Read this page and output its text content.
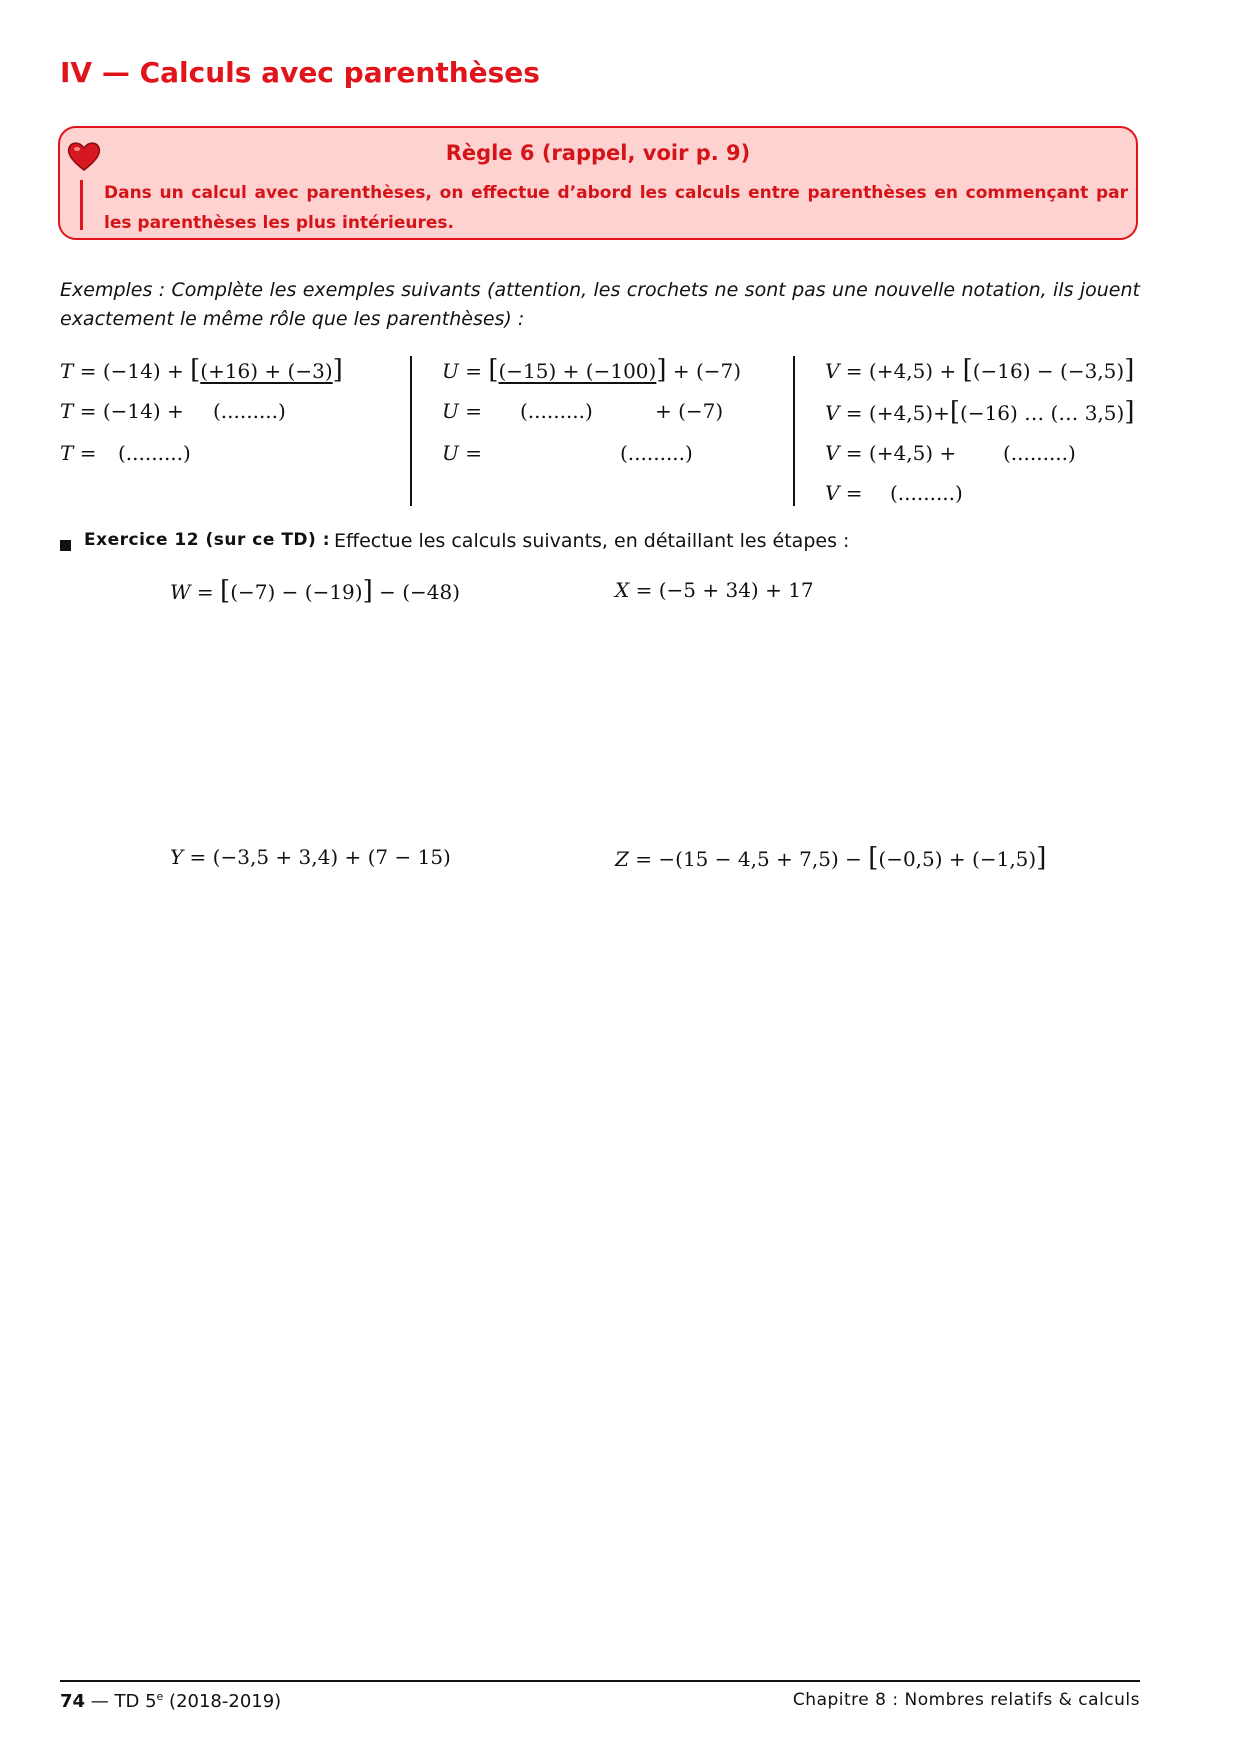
IV — Calculs avec parenthèses
Règle 6 (rappel, voir p. 9)
Dans un calcul avec parenthèses, on effectue d’abord les calculs entre parenthèses en commençant par les parenthèses les plus intérieures.
Exemples : Complète les exemples suivants (attention, les crochets ne sont pas une nouvelle notation, ils jouent exactement le même rôle que les parenthèses) :
T = (−14) + [(+16) + (−3)]
T = (−14) + (.........)
T = (.........)
U = [(−15) + (−100)] + (−7)
U = (.........)	+ (−7)
U =	(.........)
V = (+4,5) + [(−16) − (−3,5)]
V = (+4,5)+[(−16) … (… 3,5)]
V = (+4,5) + (.........)
V = (.........)
Exercice 12 (sur ce TD) : Effectue les calculs suivants, en détaillant les étapes :
W = [(−7) − (−19)] − (−48)	X = (−5 + 34) + 17
Y = (−3,5 + 3,4) + (7 − 15)	Z = −(15 − 4,5 + 7,5) − [(−0,5) + (−1,5)]
74 — TD 5e (2018-2019)	Chapitre 8 : Nombres relatifs & calculs
